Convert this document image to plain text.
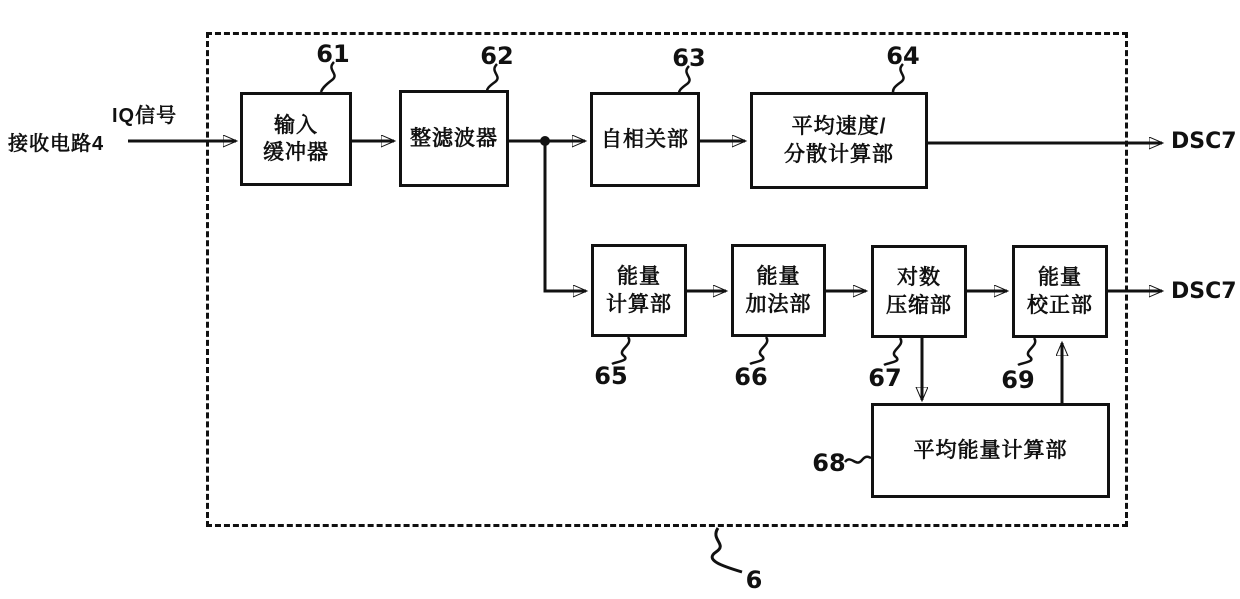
接收电路4
IQ信号
DSC7
DSC7
输入
缓冲器
整滤波器	自相关部
平均速度/
分散计算部
能量
计算部
能量
加法部
对数
压缩部
能量
校正部
平均能量计算部
61	62	63	64
65	66	67	69
68
6
